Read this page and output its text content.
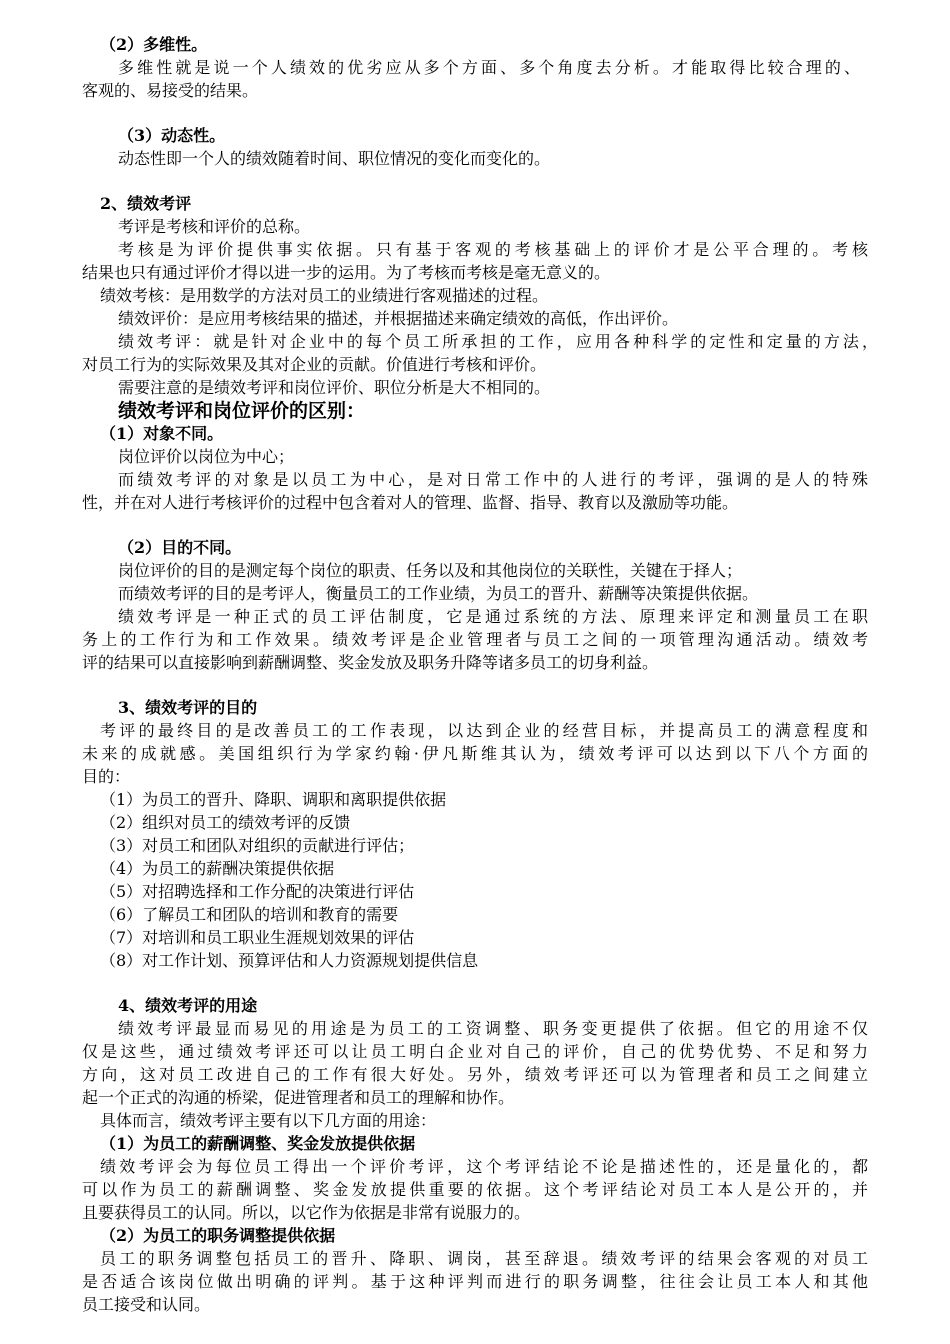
（2）多维性。
多维性就是说一个人绩效的优劣应从多个方面、多个角度去分析。才能取得比较合理的、
客观的、易接受的结果。
（3）动态性。
动态性即一个人的绩效随着时间、职位情况的变化而变化的。
2、绩效考评
考评是考核和评价的总称。
考核是为评价提供事实依据。只有基于客观的考核基础上的评价才是公平合理的。考核
结果也只有通过评价才得以进一步的运用。为了考核而考核是毫无意义的。
绩效考核：是用数学的方法对员工的业绩进行客观描述的过程。
绩效评价：是应用考核结果的描述，并根据描述来确定绩效的高低，作出评价。
绩效考评：就是针对企业中的每个员工所承担的工作，应用各种科学的定性和定量的方法，
对员工行为的实际效果及其对企业的贡献。价值进行考核和评价。
需要注意的是绩效考评和岗位评价、职位分析是大不相同的。
绩效考评和岗位评价的区别：
（1）对象不同。
岗位评价以岗位为中心；
而绩效考评的对象是以员工为中心，是对日常工作中的人进行的考评，强调的是人的特殊
性，并在对人进行考核评价的过程中包含着对人的管理、监督、指导、教育以及激励等功能。
（2）目的不同。
岗位评价的目的是测定每个岗位的职责、任务以及和其他岗位的关联性，关键在于择人；
而绩效考评的目的是考评人，衡量员工的工作业绩，为员工的晋升、薪酬等决策提供依据。
绩效考评是一种正式的员工评估制度，它是通过系统的方法、原理来评定和测量员工在职
务上的工作行为和工作效果。绩效考评是企业管理者与员工之间的一项管理沟通活动。绩效考
评的结果可以直接影响到薪酬调整、奖金发放及职务升降等诸多员工的切身利益。
3、绩效考评的目的
考评的最终目的是改善员工的工作表现，以达到企业的经营目标，并提高员工的满意程度和
未来的成就感。美国组织行为学家约翰·伊凡斯维其认为，绩效考评可以达到以下八个方面的
目的：
（1）为员工的晋升、降职、调职和离职提供依据
（2）组织对员工的绩效考评的反馈
（3）对员工和团队对组织的贡献进行评估；
（4）为员工的薪酬决策提供依据
（5）对招聘选择和工作分配的决策进行评估
（6）了解员工和团队的培训和教育的需要
（7）对培训和员工职业生涯规划效果的评估
（8）对工作计划、预算评估和人力资源规划提供信息
4、绩效考评的用途
绩效考评最显而易见的用途是为员工的工资调整、职务变更提供了依据。但它的用途不仅
仅是这些，通过绩效考评还可以让员工明白企业对自己的评价，自己的优势优势、不足和努力
方向，这对员工改进自己的工作有很大好处。另外，绩效考评还可以为管理者和员工之间建立
起一个正式的沟通的桥梁，促进管理者和员工的理解和协作。
具体而言，绩效考评主要有以下几方面的用途：
（1）为员工的薪酬调整、奖金发放提供依据
绩效考评会为每位员工得出一个评价考评，这个考评结论不论是描述性的，还是量化的，都
可以作为员工的薪酬调整、奖金发放提供重要的依据。这个考评结论对员工本人是公开的，并
且要获得员工的认同。所以，以它作为依据是非常有说服力的。
（2）为员工的职务调整提供依据
员工的职务调整包括员工的晋升、降职、调岗，甚至辞退。绩效考评的结果会客观的对员工
是否适合该岗位做出明确的评判。基于这种评判而进行的职务调整，往往会让员工本人和其他
员工接受和认同。
